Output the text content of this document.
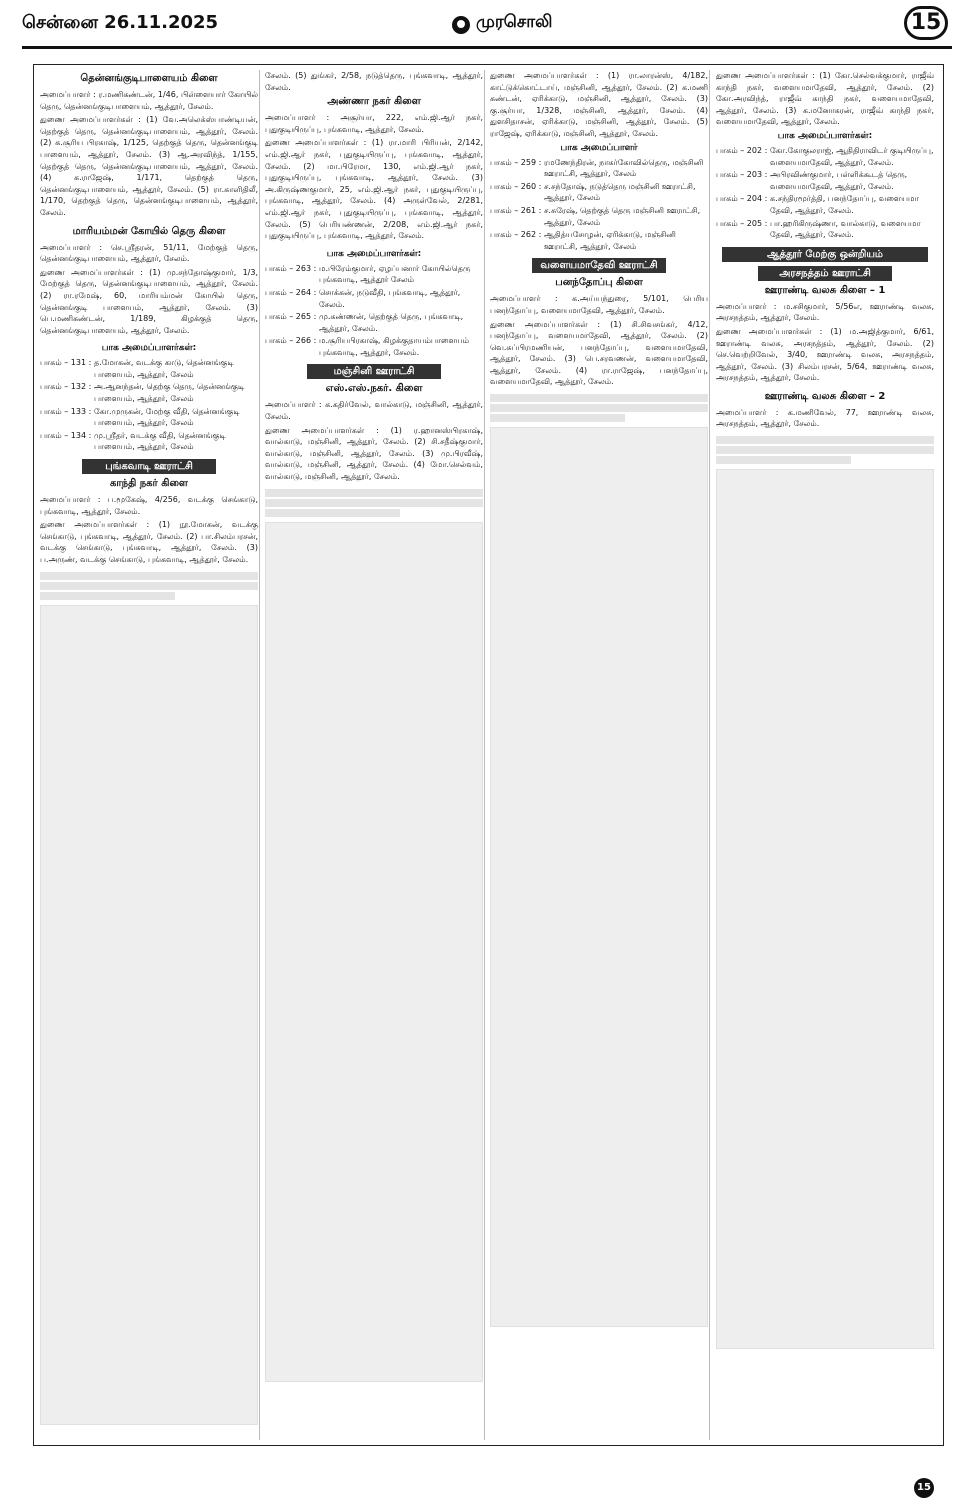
சென்னை 26.11.2025	முரசொலி	15
தென்னங்குடிபாளையம் கிளை
அமைப்பாளர் : ர.மணிகண்டன், 1/46, பிள்ளையார் கோயில் தெரு, தென்னங்குடிபாளையம், ஆத்தூர், சேலம்.
துணை அமைப்பாளர்கள் : (1) வே.அலெக்ஸ்பாண்டியன், தெற்குத் தெரு, தென்னங்குடிபாளையம், ஆத்தூர், சேலம். (2) க.சூரிய பிரகாஷ், 1/125, தெற்குத் தெரு, தென்னங்குடி பாளையம், ஆத்தூர், சேலம். (3) ஆ.அரவிந்த், 1/155, தெற்குத் தெரு, தென்னங்குடிபாளையம், ஆத்தூர், சேலம். (4) க.ராஜேஷ், 1/171, தெற்குத் தெரு, தென்னங்குடிபாளையம், ஆத்தூர், சேலம். (5) ரா.காளிதிலீ, 1/170, தெற்குத் தெரு, தென்னங்குடிபாளையம், ஆத்தூர், சேலம்.
மாரியம்மன் கோயில் தெரு கிளை
அமைப்பாளர் : செ.ஸ்ரீதரன், 51/11, மேற்குத் தெரு, தென்னங்குடிபாளையம், ஆத்தூர், சேலம்.
துணை அமைப்பாளர்கள் : (1) மு.சந்தோஷ்குமார், 1/3, மேற்குத் தெரு, தென்னங்குடிபாளையம், ஆத்தூர், சேலம். (2) ரா.ரமேஷ், 60, மாரியம்மன் கோயில் தெரு, தென்னங்குடி பாளையம், ஆத்தூர், சேலம். (3) பெ.மணிகண்டன், 1/189, கிழக்குத் தெரு, தென்னங்குடிபாளையம், ஆத்தூர், சேலம்.
பாக அமைப்பாளர்கள்:
பாகம் – 131 : த.மோகன், வடக்கு காடு, தென்னங்குடி பாளையம், ஆத்தூர், சேலம்
பாகம் – 132 : அ.ஆனந்தன், தெற்கு தெரு, தென்னங்குடி பாளையம், ஆத்தூர், சேலம்
பாகம் – 133 : கோ.முருகன், மேற்கு வீதி, தென்னங்குடி பாளையம், ஆத்தூர், சேலம்
பாகம் – 134 : மு.ஸ்ரீதர், வடக்கு வீதி, தென்னங்குடி பாளையம், ஆத்தூர், சேலம்
புங்கவாடி ஊராட்சி
காந்தி நகர் கிளை
அமைப்பாளர் : ப.மூகேஷ், 4/256, வடக்கு செங்காடு, புங்கவாடி, ஆத்தூர், சேலம்.
துணை அமைப்பாளர்கள் : (1) நூ.மோகன், வடக்கு செங்காடு, புங்கவாடி, ஆத்தூர், சேலம். (2) பா.சிலம்பரசன், வடக்கு செங்காடு, புங்கவாடி, ஆத்தூர், சேலம். (3) ப.அருண், வடக்கு செங்காடு, புங்கவாடி, ஆத்தூர், சேலம்.
சேலம். (5) துங்கர், 2/58, நடுத்தெரு, புங்கவாடி, ஆத்தூர், சேலம்.
அண்ணா நகர் கிளை
அமைப்பாளர் : அசூர்யா, 222, எம்.ஜி.ஆர் நகர், புதுகுடியிருப்பு, புங்கவாடி, ஆத்தூர், சேலம்.
துணை அமைப்பாளர்கள் : (1) ரா.மாரி பிரியன், 2/142, எம்.ஜி.ஆர் நகர், புதுகுடியிருப்பு, புங்கவாடி, ஆத்தூர், சேலம். (2) மா.பிரேமா, 130, எம்.ஜி.ஆர் நகர், புதுகுடியிருப்பு, புங்கவாடி, ஆத்தூர், சேலம். (3) அ.கிருஷ்ணகுமார், 25, எம்.ஜி.ஆர் நகர், புதுகுடியிருப்பு, புங்கவாடி, ஆத்தூர், சேலம். (4) அருள்வேல், 2/281, எம்.ஜி.ஆர் நகர், புதுகுடியிருப்பு, புங்கவாடி, ஆத்தூர், சேலம். (5) பெரியண்ணன், 2/208, எம்.ஜி.ஆர் நகர், புதுகுடியிருப்பு, புங்கவாடி, ஆத்தூர், சேலம்.
பாக அமைப்பாளர்கள்:
பாகம் – 263 : ம.பிரேம்குமார், ஏழப்பனார் கோயில்தெரு புங்கவாடி, ஆத்தூர் சேலம்
பாகம் – 264 : சொக்கன், நடுவீதி, புங்கவாடி, ஆத்தூர், சேலம்.
பாகம் – 265 : மு.கண்ணன், தெற்குத் தெரு, புங்கவாடி, ஆத்தூர், சேலம்.
பாகம் – 266 : ம.சூரியபிரகாஷ், கிழக்குதாயம்பாளையம் புங்கவாடி, ஆத்தூர், சேலம்.
மஞ்சினி ஊராட்சி
எஸ்.எஸ்.நகர். கிளை
அமைப்பாளர் : க.கதிர்வேல், வால்காடு, மஞ்சினி, ஆத்தூர், சேலம்.
துணை அமைப்பாளர்கள் : (1) ர.ஹானஸ்பிரகாஷ், வால்காடு, மஞ்சினி, ஆத்தூர், சேலம். (2) சி.சதீஷ்குமார், வால்காடு, மஞ்சினி, ஆத்தூர், சேலம். (3) மு.பிரவீஷ், வால்காடு, மஞ்சினி, ஆத்தூர், சேலம். (4) மோ.செல்வம், வால்காடு, மஞ்சினி, ஆத்தூர், சேலம்.
துணை அமைப்பாளர்கள் : (1) ரா.லாரன்ஸ், 4/182, காட்டுக்கொட்டாய், மஞ்சினி, ஆத்தூர், சேலம். (2) க.மணி கண்டன், ஏரிக்காடு, மஞ்சினி, ஆத்தூர், சேலம். (3) கு.சூர்யா, 1/328, மஞ்சினி, ஆத்தூர், சேலம். (4) துளசிதாசன், ஏரிக்காடு, மஞ்சினி, ஆத்தூர், சேலம். (5) ராஜேஷ், ஏரிக்காடு, மஞ்சினி, ஆத்தூர், சேலம்.
பாக அமைப்பாளர்
பாகம் – 259 : ரமணேந்திரன், நாகர்கோவில்தெரு, மஞ்சினி ஊராட்சி, ஆத்தூர், சேலம்
பாகம் – 260 : ச.சந்தோஷ், நடுத்தெரு மஞ்சினி ஊராட்சி, ஆத்தூர், சேலம்
பாகம் – 261 : ச.சுரேஷ், தெற்குத் தெரு மஞ்சினி ஊராட்சி, ஆத்தூர், சேலம்
பாகம் – 262 : ஆதித்யசோழன், ஏரிக்காடு, மஞ்சினி ஊராட்சி, ஆத்தூர், சேலம்
வளையமாதேவி ஊராட்சி
பனந்தோப்பு கிளை
அமைப்பாளர் : க.அய்யந்துரை, 5/101, பெரிய பனந்தோப்பு, வளையமாதேவி, ஆத்தூர், சேலம்.
துணை அமைப்பாளர்கள் : (1) சி.சிவசங்கர், 4/12, பனந்தோப்பு, வளையமாதேவி, ஆத்தூர், சேலம். (2) வெ.சுப்பிரமணியன், பனந்தோப்பு, வளையமாதேவி, ஆத்தூர், சேலம். (3) பெ.சரவணன், வளையமாதேவி, ஆத்தூர், சேலம். (4) ரா.ராஜேஷ், பனந்தோப்பு, வளையமாதேவி, ஆத்தூர், சேலம்.
துணை அமைப்பாளர்கள் : (1) கோ.செல்வக்குமார், ராஜீவ் காந்தி நகர், வளையமாதேவி, ஆத்தூர், சேலம். (2) கோ.அரவிந்த், ராஜீவ் காந்தி நகர், வளையமாதேவி, ஆத்தூர், சேலம். (3) க.மனோகரன், ராஜீவ் காந்தி நகர், வளையமாதேவி, ஆத்தூர், சேலம்.
பாக அமைப்பாளர்கள்:
பாகம் – 202 : கோ.கோகுலராஜ், ஆதிதிராவிடர் குடியிருப்பு, வளையமாதேவி, ஆத்தூர், சேலம்.
பாகம் – 203 : அபிரவிண்குமார், பள்ளிக்கூடத் தெரு, வளையமாதேவி, ஆத்தூர், சேலம்.
பாகம் – 204 : க.சந்திரமூர்த்தி, பனந்தோப்பு, வளையமா தேவி, ஆத்தூர், சேலம்.
பாகம் – 205 : பா.ஹரிகிருஷ்ணா, வால்காடு, வளையமா தேவி, ஆத்தூர், சேலம்.
ஆத்தூர் மேற்கு ஒன்றியம்
அரசநத்தம் ஊராட்சி
ஊராண்டி வலசு கிளை – 1
அமைப்பாளர் : ம.சசிகுமார், 5/56எ, ஊராண்டி வலசு, அரசநத்தம், ஆத்தூர், சேலம்.
துணை அமைப்பாளர்கள் : (1) ம.அஜித்குமார், 6/61, ஊராண்டி வலசு, அரசநத்தம், ஆத்தூர், சேலம். (2) செ.வெற்றிவேல், 3/40, ஊராண்டி வலசு, அரசநத்தம், ஆத்தூர், சேலம். (3) சிலம்பரசன், 5/64, ஊராண்டி வலசு, அரசநத்தம், ஆத்தூர், சேலம்.
ஊராண்டி வலசு கிளை – 2
அமைப்பாளர் : க.மணிவேல், 77, ஊராண்டி வலசு, அரசநத்தம், ஆத்தூர், சேலம்.
15
